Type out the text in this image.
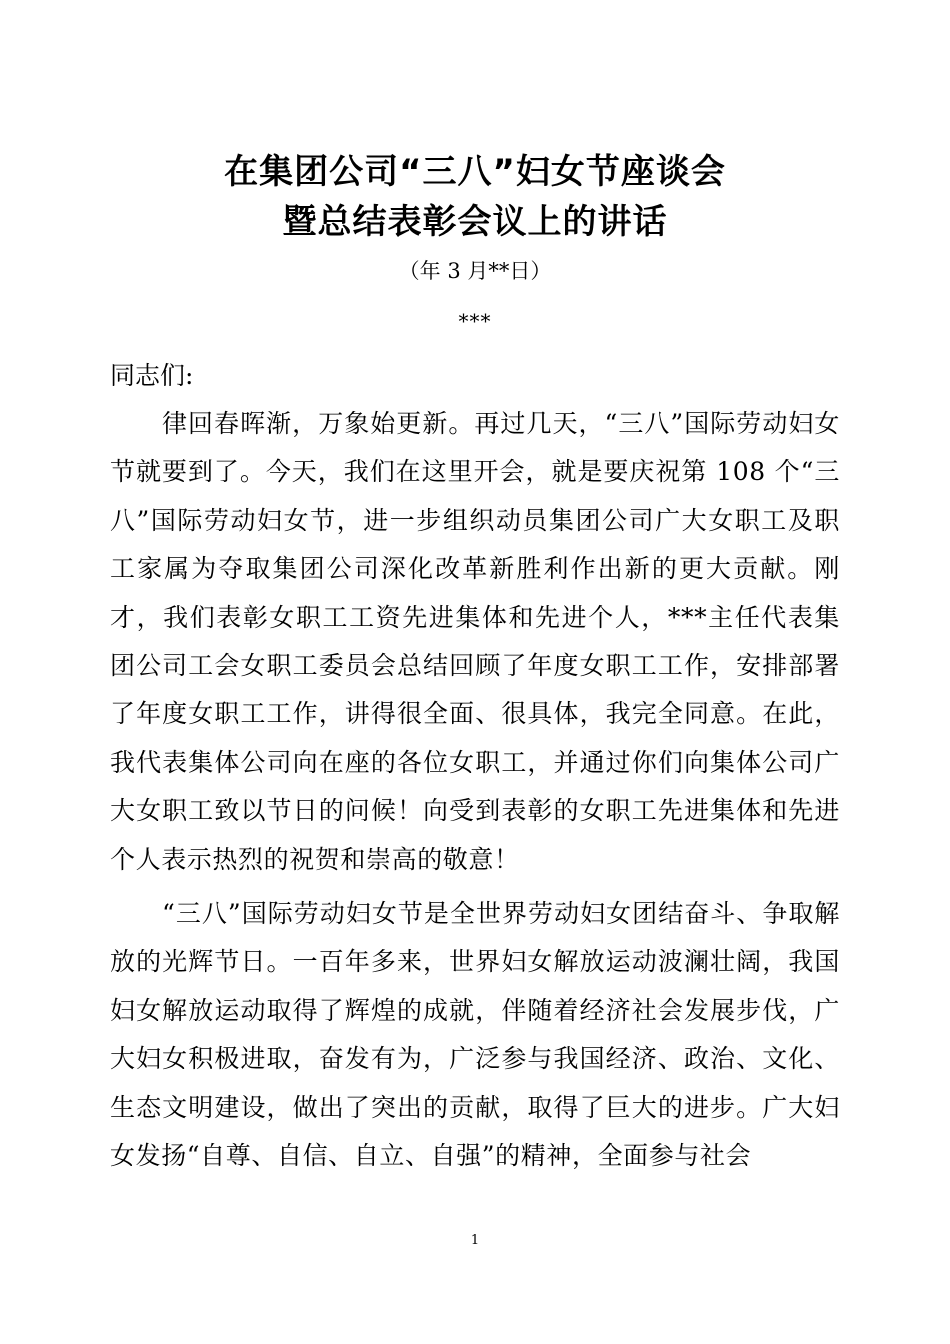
在集团公司“三八”妇女节座谈会
暨总结表彰会议上的讲话
（年 3 月**日）
***
同志们:

律回春晖渐，万象始更新。再过几天，“三八”国际劳动妇女节就要到了。今天，我们在这里开会，就是要庆祝第 108 个“三八”国际劳动妇女节，进一步组织动员集团公司广大女职工及职工家属为夺取集团公司深化改革新胜利作出新的更大贡献。刚才，我们表彰女职工工资先进集体和先进个人，***主任代表集团公司工会女职工委员会总结回顾了年度女职工工作，安排部署了年度女职工工作，讲得很全面、很具体，我完全同意。在此，我代表集体公司向在座的各位女职工，并通过你们向集体公司广大女职工致以节日的问候！向受到表彰的女职工先进集体和先进个人表示热烈的祝贺和崇高的敬意！

“三八”国际劳动妇女节是全世界劳动妇女团结奋斗、争取解放的光辉节日。一百年多来，世界妇女解放运动波澜壮阔，我国妇女解放运动取得了辉煌的成就，伴随着经济社会发展步伐，广大妇女积极进取，奋发有为，广泛参与我国经济、政治、文化、生态文明建设，做出了突出的贡献，取得了巨大的进步。广大妇女发扬“自尊、自信、自立、自强”的精神，全面参与社会

1
